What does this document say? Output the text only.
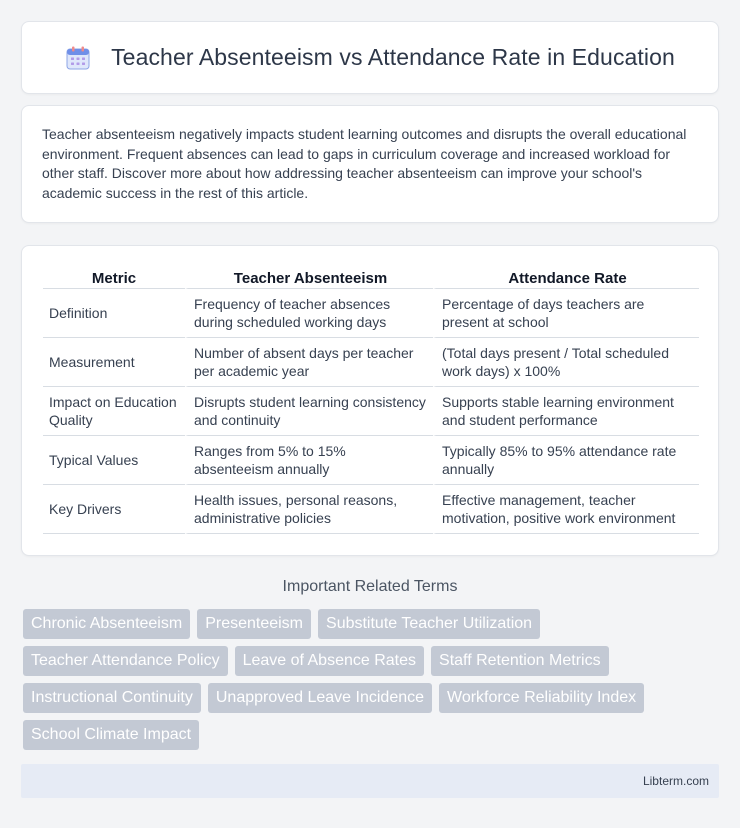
Teacher Absenteeism vs Attendance Rate in Education

Teacher absenteeism negatively impacts student learning outcomes and disrupts the overall educational environment. Frequent absences can lead to gaps in curriculum coverage and increased workload for other staff. Discover more about how addressing teacher absenteeism can improve your school's academic success in the rest of this article.

Metric	Teacher Absenteeism	Attendance Rate
Definition	Frequency of teacher absences during scheduled working days	Percentage of days teachers are present at school
Measurement	Number of absent days per teacher per academic year	(Total days present / Total scheduled work days) x 100%
Impact on Education Quality	Disrupts student learning consistency and continuity	Supports stable learning environment and student performance
Typical Values	Ranges from 5% to 15% absenteeism annually	Typically 85% to 95% attendance rate annually
Key Drivers	Health issues, personal reasons, administrative policies	Effective management, teacher motivation, positive work environment
Important Related Terms
Chronic Absenteeism	Presenteeism	Substitute Teacher Utilization
Teacher Attendance Policy	Leave of Absence Rates	Staff Retention Metrics
Instructional Continuity	Unapproved Leave Incidence	Workforce Reliability Index
School Climate Impact
Libterm.com
